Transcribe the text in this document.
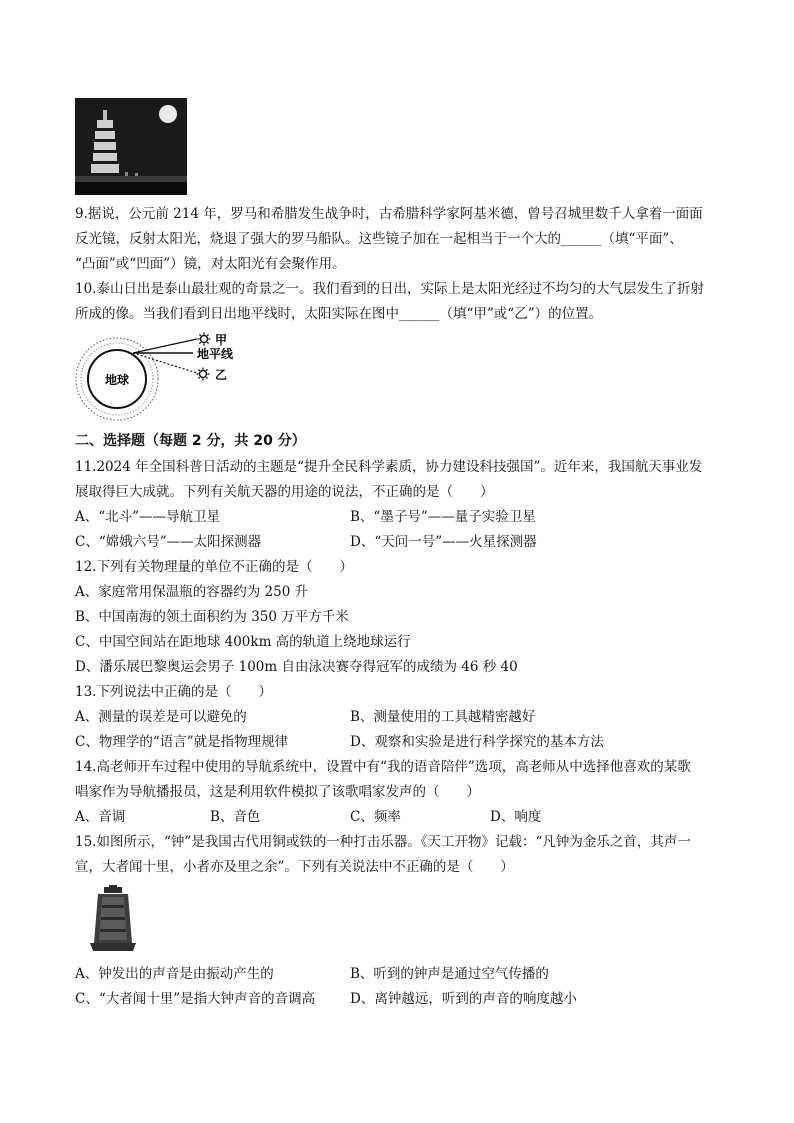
9.据说，公元前 214 年，罗马和希腊发生战争时，古希腊科学家阿基米德，曾号召城里数千人拿着一面面
反光镜，反射太阳光，烧退了强大的罗马船队。这些镜子加在一起相当于一个大的______（填“平面”、
“凸面”或“凹面”）镜，对太阳光有会聚作用。
10.泰山日出是泰山最壮观的奇景之一。我们看到的日出，实际上是太阳光经过不均匀的大气层发生了折射
所成的像。当我们看到日出地平线时，太阳实际在图中______（填“甲”或“乙”）的位置。
地球
甲
地平线
乙
二、选择题（每题 2 分，共 20 分）
11.2024 年全国科普日活动的主题是“提升全民科学素质，协力建设科技强国”。近年来，我国航天事业发
展取得巨大成就。下列有关航天器的用途的说法，不正确的是（　　）
A、“北斗”——导航卫星	B、“墨子号”——量子实验卫星
C、“嫦娥六号”——太阳探测器	D、“天问一号”——火星探测器
12.下列有关物理量的单位不正确的是（　　）
A、家庭常用保温瓶的容器约为 250 升
B、中国南海的领土面积约为 350 万平方千米
C、中国空间站在距地球 400km 高的轨道上绕地球运行
D、潘乐展巴黎奥运会男子 100m 自由泳决赛夺得冠军的成绩为 46 秒 40
13.下列说法中正确的是（　　）
A、测量的误差是可以避免的	B、测量使用的工具越精密越好
C、物理学的“语言”就是指物理规律	D、观察和实验是进行科学探究的基本方法
14.高老师开车过程中使用的导航系统中，设置中有“我的语音陪伴”选项，高老师从中选择他喜欢的某歌
唱家作为导航播报员，这是利用软件模拟了该歌唱家发声的（　　）
A、音调	B、音色	C、频率	D、响度
15.如图所示，“钟”是我国古代用铜或铁的一种打击乐器。《天工开物》记载：“凡钟为金乐之首，其声一
宣，大者闻十里，小者亦及里之余”。下列有关说法中不正确的是（　　）
A、钟发出的声音是由振动产生的	B、听到的钟声是通过空气传播的
C、“大者闻十里”是指大钟声音的音调高	D、离钟越远，听到的声音的响度越小
